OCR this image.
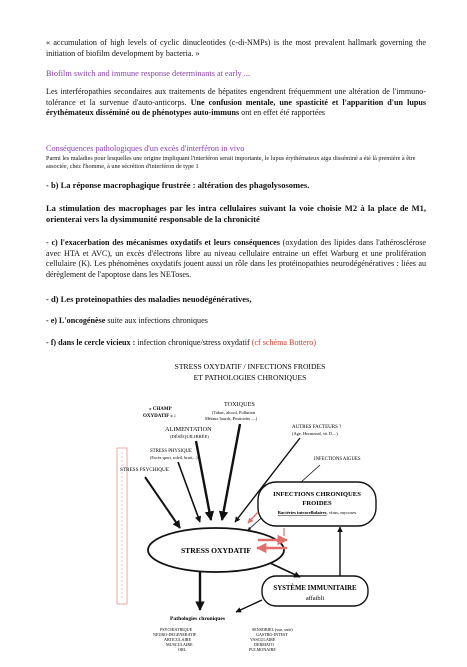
« accumulation of high levels of cyclic dinucleotides (c-di-NMPs) is the most prevalent hallmark governing the initiation of biofilm development by bacteria. »

Biofilm switch and immune response determinants at early ...

Les interféropathies secondaires aux traitements de hépatites engendrent fréquemment une altération de l'immuno-tolérance et la survenue d'auto-anticorps. Une confusion mentale, une spasticité et l'apparition d'un lupus érythémateux disséminé ou de phénotypes auto-immuns ont en effet été rapportées

Conséquences pathologiques d'un excès d'interféron in vivo

Parmi les maladies pour lesquelles une origine impliquant l'interféron serait importante, le lupus érythémateux aigu disséminé a été là première à être associée, chez l'homme, à une sécrétion d'interféron de type 1

- b) La réponse macrophagique frustrée : altération des phagolysosomes.

La stimulation des macrophages par les intra cellulaires suivant la voie choisie M2 à la place de M1, orienterai vers la dysimmunité responsable de la chronicité

- c) l'exacerbation des mécanismes oxydatifs et leurs conséquences (oxydation des lipides dans l'athérosclérose avec HTA et AVC), un excès d'électrons libre au niveau cellulaire entraine un effet Warburg et une prolifération cellulaire (K). Les phénomènes oxydatifs jouent aussi un rôle dans les protéinopathies neurodégénératives : liées au dérèglement de l'apoptose dans les NEToses.

- d) Les proteinopathies des maladies neuodégénératives,

- e) L'oncogénèse suite aux infections chroniques

- f) dans le cercle vicieux : infection chronique/stress oxydatif (cf schéma Bottero)

STRESS OXYDATIF / INFECTIONS FROIDES
ET PATHOLOGIES CHRONIQUES
« CHAMP
OXYDATIF » :
TOXIQUES
(Tabac, alcool, Pollution
Métaux lourds, Pesticides ,...)
ALIMENTATION
(DÉSÉQUILIBRÉE)
AUTRES FACTEURS ?
(Age, Hormonal, vit D,...)
STRESS PHYSIQUE
(Excès sport, soleil, bruit,...)	INFECTIONS AIGUES
STRESS PSYCHIQUE
STRESS OXYDATIF
INFECTIONS CHRONIQUES
FROIDES
Bactéries intracellulaires, virus, mycoses
SYSTÈME IMMUNITAIRE
affaibli
Pathologies chroniques
PSYCHIATRIQUE
NEURO-DEGENERATIF
ARTICULAIRE
MUSCULAIRE
ORL
SENSORIEL (vue, ouïe)
GASTRO-INTEST
VASCULAIRE
DERMATO
PULMONAIRE
